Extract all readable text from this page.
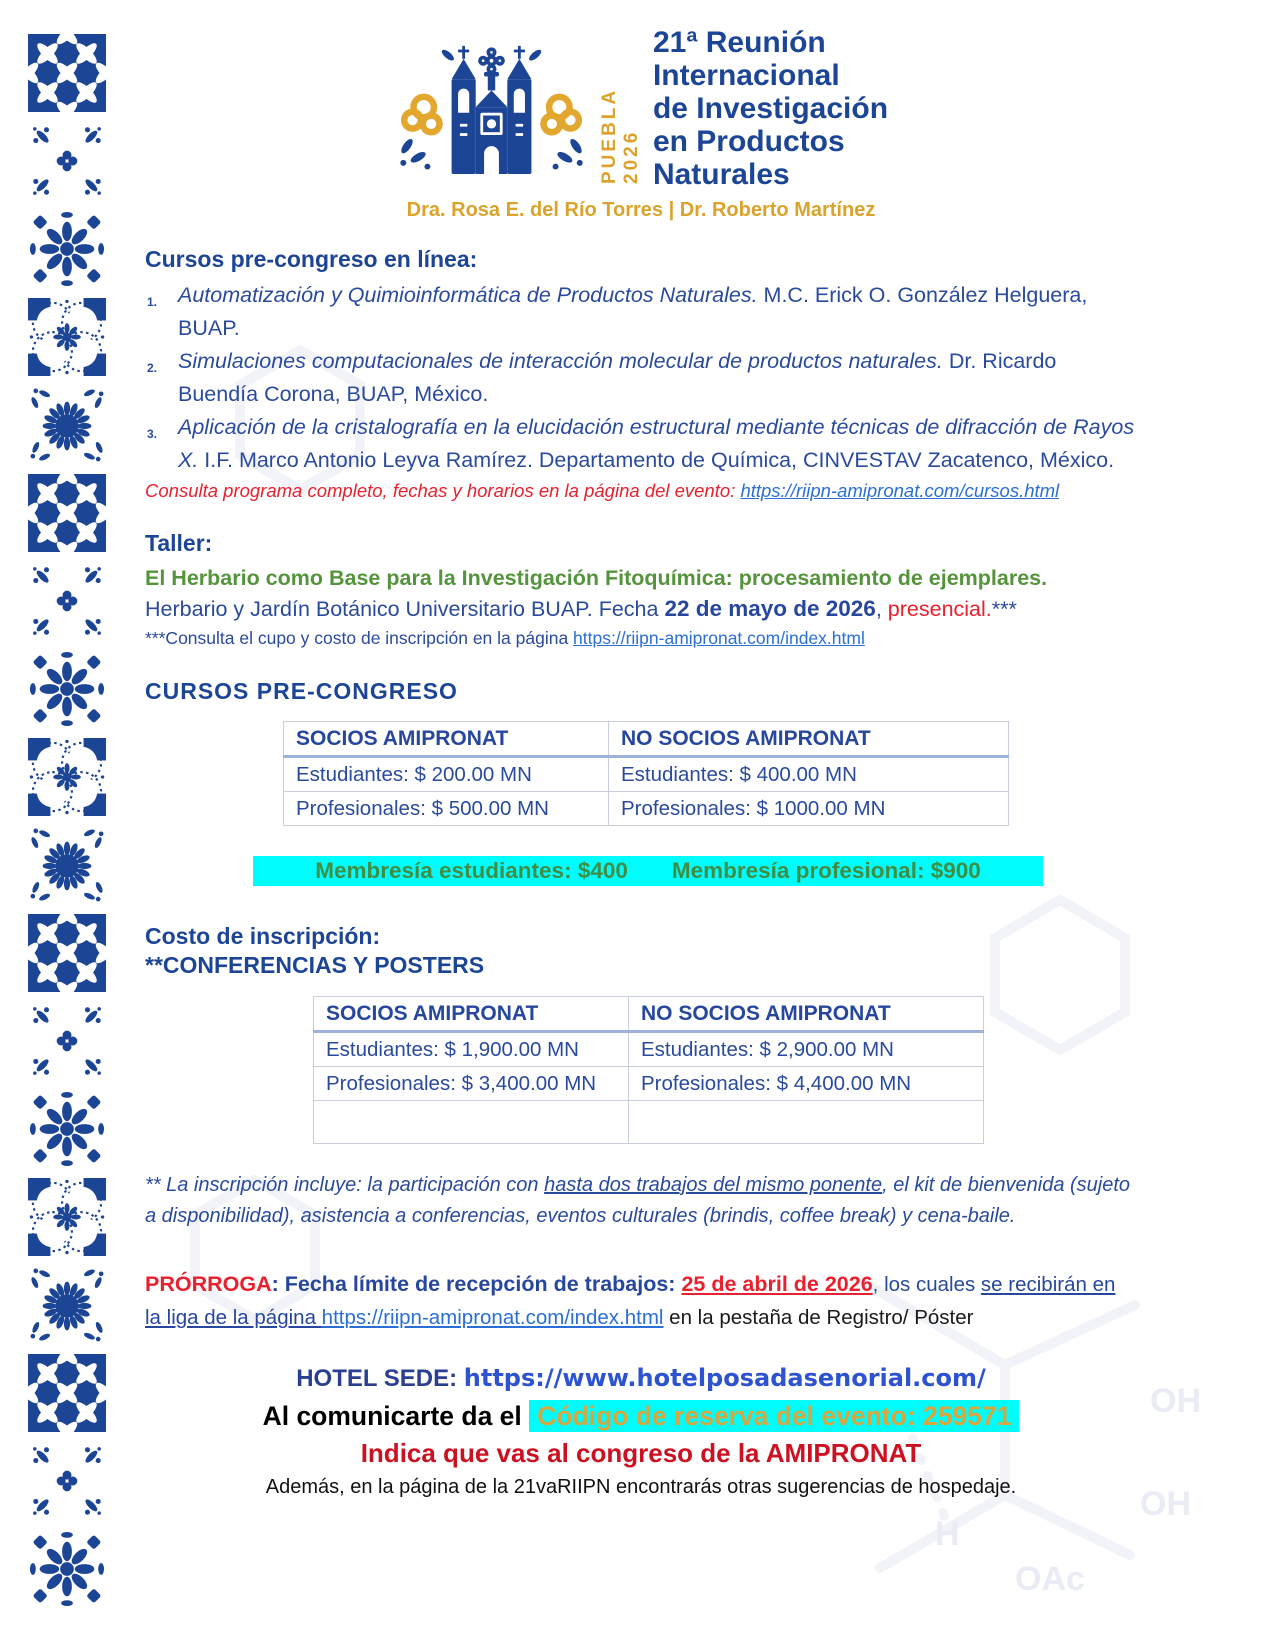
OH
OH
OAc
H
PUEBLA 2026
21ª Reunión
Internacional
de Investigación
en Productos
Naturales
Dra. Rosa E. del Río Torres | Dr. Roberto Martínez
Cursos pre-congreso en línea:
1. Automatización y Quimioinformática de Productos Naturales. M.C. Erick O. González Helguera, BUAP.
2. Simulaciones computacionales de interacción molecular de productos naturales. Dr. Ricardo Buendía Corona, BUAP, México.
3. Aplicación de la cristalografía en la elucidación estructural mediante técnicas de difracción de Rayos X. I.F. Marco Antonio Leyva Ramírez. Departamento de Química, CINVESTAV Zacatenco, México.
Consulta programa completo, fechas y horarios en la página del evento: https://riipn-amipronat.com/cursos.html
Taller:
El Herbario como Base para la Investigación Fitoquímica: procesamiento de ejemplares.
Herbario y Jardín Botánico Universitario BUAP. Fecha 22 de mayo de 2026, presencial.***
***Consulta el cupo y costo de inscripción en la página https://riipn-amipronat.com/index.html
CURSOS PRE-CONGRESO
SOCIOS AMIPRONAT	NO SOCIOS AMIPRONAT
Estudiantes: $ 200.00 MN	Estudiantes: $ 400.00 MN
Profesionales: $ 500.00 MN	Profesionales: $ 1000.00 MN
Membresía estudiantes: $400 Membresía profesional: $900
Costo de inscripción:
**CONFERENCIAS Y POSTERS
SOCIOS AMIPRONAT	NO SOCIOS AMIPRONAT
Estudiantes: $ 1,900.00 MN	Estudiantes: $ 2,900.00 MN
Profesionales: $ 3,400.00 MN	Profesionales: $ 4,400.00 MN

** La inscripción incluye: la participación con hasta dos trabajos del mismo ponente, el kit de bienvenida (sujeto a disponibilidad), asistencia a conferencias, eventos culturales (brindis, coffee break) y cena-baile.
PRÓRROGA: Fecha límite de recepción de trabajos: 25 de abril de 2026, los cuales se recibirán en la liga de la página https://riipn-amipronat.com/index.html en la pestaña de Registro/ Póster
HOTEL SEDE: https://www.hotelposadasenorial.com/
Al comunicarte da el Código de reserva del evento: 259571
Indica que vas al congreso de la AMIPRONAT
Además, en la página de la 21vaRIIPN encontrarás otras sugerencias de hospedaje.
